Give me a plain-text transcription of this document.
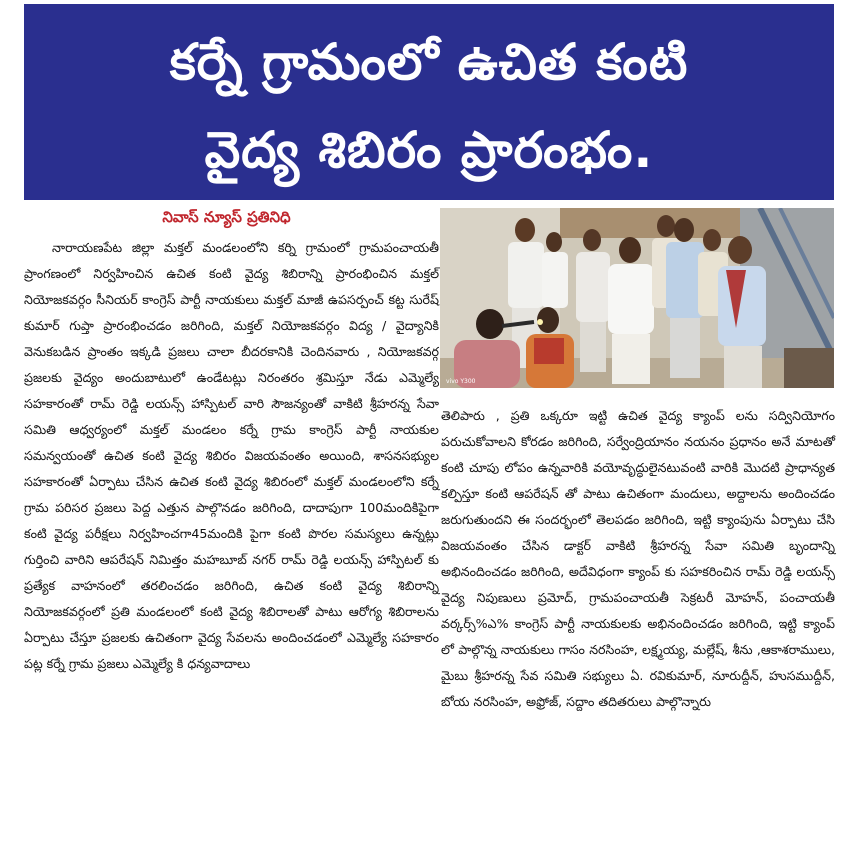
కర్నే గ్రామంలో ఉచిత కంటి
వైద్య శిబిరం ప్రారంభం.
నివాస్ న్యూస్ ప్రతినిధి

నారాయణపేట జిల్లా మక్తల్ మండలంలోని కర్ని గ్రామంలో గ్రామపంచాయతీ ప్రాంగణంలో నిర్వహించిన ఉచిత కంటి వైద్య శిబిరాన్ని ప్రారంభించిన మక్తల్ నియోజకవర్గం సీనియర్ కాంగ్రెస్ పార్టీ నాయకులు మక్తల్ మాజీ ఉపసర్పంచ్ కట్ట సురేష్ కుమార్ గుప్తా ప్రారంభించడం జరిగింది, మక్తల్ నియోజకవర్గం విద్య / వైద్యానికి వెనుకబడిన ప్రాంతం ఇక్కడి ప్రజలు చాలా బీదరకానికి చెందినవారు , నియోజకవర్గ ప్రజలకు వైద్యం అందుబాటులో ఉండేటట్లు నిరంతరం శ్రమిస్తూ నేడు ఎమ్మెల్యే సహకారంతో రామ్ రెడ్డి లయన్స్ హాస్పిటల్ వారి సౌజన్యంతో వాకిటి శ్రీహరన్న సేవా సమితి ఆధ్వర్యంలో మక్తల్ మండలం కర్నే గ్రామ కాంగ్రెస్ పార్టీ నాయకుల సమన్వయంతో ఉచిత కంటి వైద్య శిబిరం విజయవంతం అయింది, శాసనసభ్యుల సహకారంతో ఏర్పాటు చేసిన ఉచిత కంటి వైద్య శిబిరంలో మక్తల్ మండలంలోని కర్నే గ్రామ పరిసర ప్రజలు పెద్ద ఎత్తున పాల్గొనడం జరిగింది, దాదాపుగా 100మందికిపైగా కంటి వైద్య పరీక్షలు నిర్వహించగా45మందికి పైగా కంటి పొరల సమస్యలు ఉన్నట్లు గుర్తించి వారిని ఆపరేషన్ నిమిత్తం మహబూబ్ నగర్ రామ్ రెడ్డి లయన్స్ హాస్పిటల్ కు ప్రత్యేక వాహనంలో తరలించడం జరిగింది, ఉచిత కంటి వైద్య శిబిరాన్ని నియోజకవర్గంలో ప్రతి మండలంలో కంటి వైద్య శిబిరాలతో పాటు ఆరోగ్య శిబిరాలను ఏర్పాటు చేస్తూ ప్రజలకు ఉచితంగా వైద్య సేవలను అందించడంలో ఎమ్మెల్యే సహకారం పట్ల కర్నే గ్రామ ప్రజలు ఎమ్మెల్యే కి ధన్యవాదాలు

vivo Y300

తెలిపారు , ప్రతి ఒక్కరూ ఇట్టి ఉచిత వైద్య క్యాంప్ లను సద్వినియోగం పరుచుకోవాలని కోరడం జరిగింది, సర్వేంద్రియానం నయనం ప్రధానం అనే మాటతో కంటి చూపు లోపం ఉన్నవారికి వయోవృద్ధులైనటువంటి వారికి మొదటి ప్రాధాన్యత కల్పిస్తూ కంటి ఆపరేషన్ తో పాటు ఉచితంగా మందులు, అద్దాలను అందించడం జరుగుతుందని ఈ సందర్భంలో తెలపడం జరిగింది, ఇట్టి క్యాంపును ఏర్పాటు చేసి విజయవంతం చేసిన డాక్టర్ వాకిటి శ్రీహరన్న సేవా సమితి బృందాన్ని అభినందించడం జరిగింది, అదేవిధంగా క్యాంప్ కు సహకరించిన రామ్ రెడ్డి లయన్స్ వైద్య నిపుణులు ప్రమోద్, గ్రామపంచాయతీ సెక్రటరీ మోహన్, పంచాయతీ వర్కర్స్%ఎ% కాంగ్రెస్ పార్టీ నాయకులకు అభినందించడం జరిగింది, ఇట్టి క్యాంప్ లో పాల్గొన్న నాయకులు గాసం నరసింహ, లక్ష్మయ్య, మల్లేష్, శీను ,ఆకాశరాములు, మైబు శ్రీహరన్న సేవ సమితి సభ్యులు ఏ. రవికుమార్, నూరుద్దీన్, హుసముద్దీన్, బోయ నరసింహ, అఫ్రోజ్, సద్దాం తదితరులు పాల్గొన్నారు
